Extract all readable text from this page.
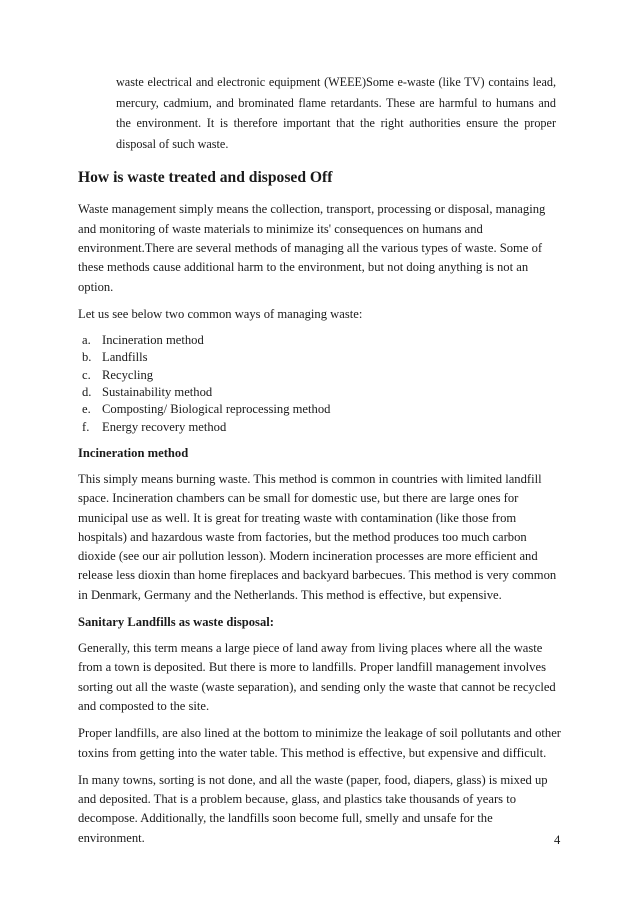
waste electrical and electronic equipment (WEEE)Some e-waste (like TV) contains lead, mercury, cadmium, and brominated flame retardants. These are harmful to humans and the environment. It is therefore important that the right authorities ensure the proper disposal of such waste.
How is waste treated and disposed Off
Waste management simply means the collection, transport, processing or disposal, managing and monitoring of waste materials to minimize its' consequences on humans and environment.There are several methods of managing all the various types of waste. Some of these methods cause additional harm to the environment, but not doing anything is not an option.
Let us see below two common ways of managing waste:
a. Incineration method
b. Landfills
c. Recycling
d. Sustainability method
e. Composting/ Biological reprocessing method
f.	Energy recovery method
Incineration method
This simply means burning waste. This method is common in countries with limited landfill space. Incineration chambers can be small for domestic use, but there are large ones for municipal use as well. It is great for treating waste with contamination (like those from hospitals) and hazardous waste from factories, but the method produces too much carbon dioxide (see our air pollution lesson). Modern incineration processes are more efficient and release less dioxin than home fireplaces and backyard barbecues. This method is very common in Denmark, Germany and the Netherlands. This method is effective, but expensive.
Sanitary Landfills as waste disposal:
Generally, this term means a large piece of land away from living places where all the waste from a town is deposited. But there is more to landfills. Proper landfill management involves sorting out all the waste (waste separation), and sending only the waste that cannot be recycled and composted to the site.
Proper landfills, are also lined at the bottom to minimize the leakage of soil pollutants and other toxins from getting into the water table. This method is effective, but expensive and difficult.
In many towns, sorting is not done, and all the waste (paper, food, diapers, glass) is mixed up and deposited. That is a problem because, glass, and plastics take thousands of years to decompose. Additionally, the landfills soon become full, smelly and unsafe for the environment.	4
